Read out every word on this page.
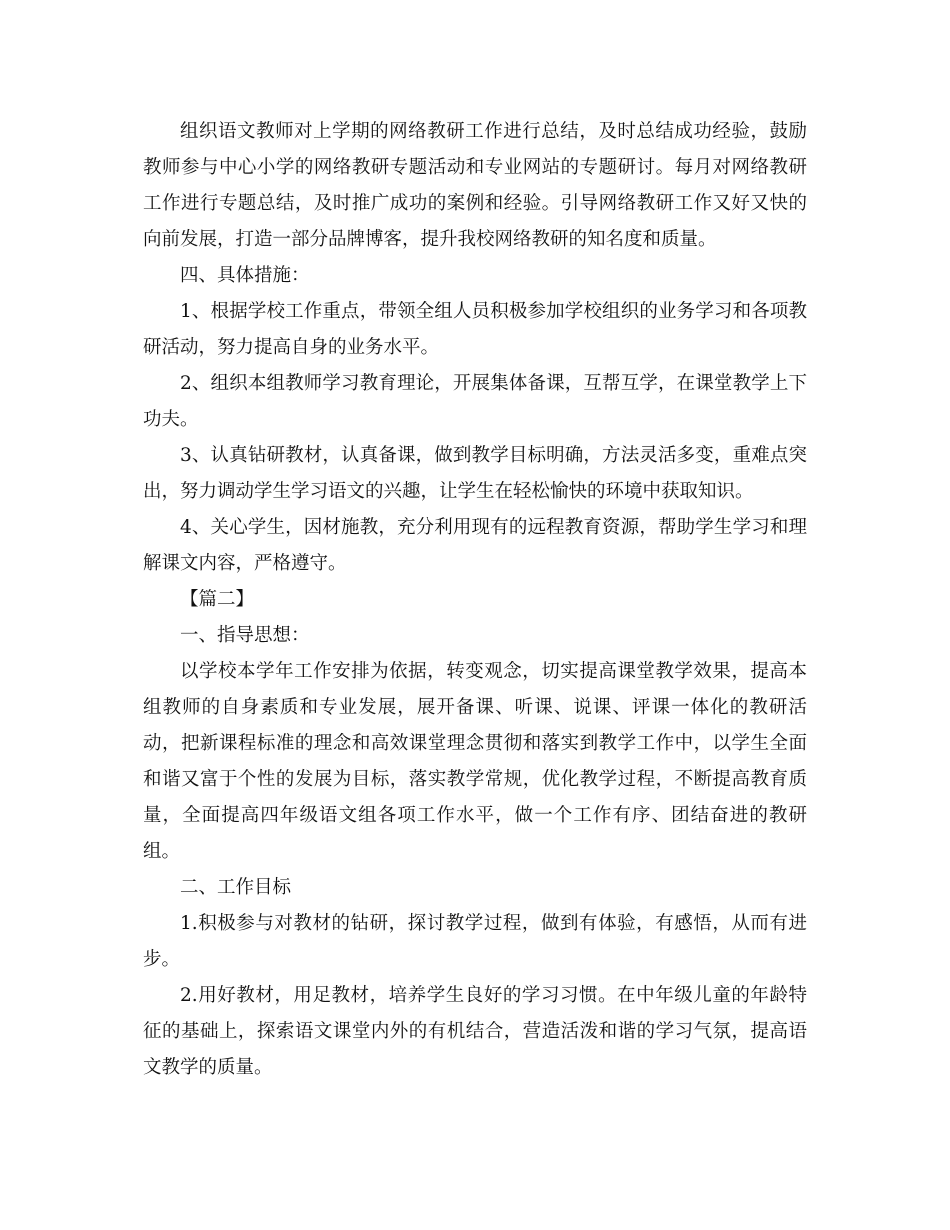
组织语文教师对上学期的网络教研工作进行总结，及时总结成功经验，鼓励教师参与中心小学的网络教研专题活动和专业网站的专题研讨。每月对网络教研工作进行专题总结，及时推广成功的案例和经验。引导网络教研工作又好又快的向前发展，打造一部分品牌博客，提升我校网络教研的知名度和质量。

四、具体措施：

1、根据学校工作重点，带领全组人员积极参加学校组织的业务学习和各项教研活动，努力提高自身的业务水平。

2、组织本组教师学习教育理论，开展集体备课，互帮互学，在课堂教学上下功夫。

3、认真钻研教材，认真备课，做到教学目标明确，方法灵活多变，重难点突出，努力调动学生学习语文的兴趣，让学生在轻松愉快的环境中获取知识。

4、关心学生，因材施教，充分利用现有的远程教育资源，帮助学生学习和理解课文内容，严格遵守。

【篇二】

一、指导思想：

以学校本学年工作安排为依据，转变观念，切实提高课堂教学效果，提高本组教师的自身素质和专业发展，展开备课、听课、说课、评课一体化的教研活动，把新课程标准的理念和高效课堂理念贯彻和落实到教学工作中，以学生全面和谐又富于个性的发展为目标，落实教学常规，优化教学过程，不断提高教育质量，全面提高四年级语文组各项工作水平，做一个工作有序、团结奋进的教研组。

二、工作目标

1.积极参与对教材的钻研，探讨教学过程，做到有体验，有感悟，从而有进步。

2.用好教材，用足教材，培养学生良好的学习习惯。在中年级儿童的年龄特征的基础上，探索语文课堂内外的有机结合，营造活泼和谐的学习气氛，提高语文教学的质量。
